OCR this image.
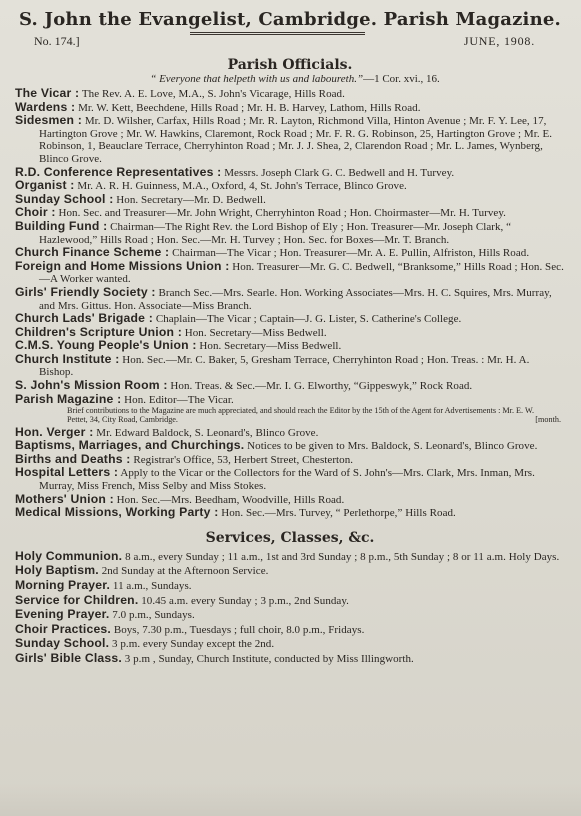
S. John the Evangelist, Cambridge. Parish Magazine.
No. 174.]	JUNE, 1908.
Parish Officials.
“ Everyone that helpeth with us and laboureth.”—1 Cor. xvi., 16.
The Vicar : The Rev. A. E. Love, M.A., S. John's Vicarage, Hills Road.
Wardens : Mr. W. Kett, Beechdene, Hills Road ; Mr. H. B. Harvey, Lathom, Hills Road.
Sidesmen : Mr. D. Wilsher, Carfax, Hills Road ; Mr. R. Layton, Richmond Villa, Hinton Avenue ; Mr. F. Y. Lee, 17, Hartington Grove ; Mr. W. Hawkins, Claremont, Rock Road ; Mr. F. R. G. Robinson, 25, Hartington Grove ; Mr. E. Robinson, 1, Beauclare Terrace, Cherryhinton Road ; Mr. J. J. Shea, 2, Clarendon Road ; Mr. L. James, Wynberg, Blinco Grove.
R.D. Conference Representatives : Messrs. Joseph Clark G. C. Bedwell and H. Turvey.
Organist : Mr. A. R. H. Guinness, M.A., Oxford, 4, St. John's Terrace, Blinco Grove.
Sunday School : Hon. Secretary—Mr. D. Bedwell.
Choir : Hon. Sec. and Treasurer—Mr. John Wright, Cherryhinton Road ; Hon. Choirmaster—Mr. H. Turvey.
Building Fund : Chairman—The Right Rev. the Lord Bishop of Ely ; Hon. Treasurer—Mr. Joseph Clark, “ Hazlewood,” Hills Road ; Hon. Sec.—Mr. H. Turvey ; Hon. Sec. for Boxes—Mr. T. Branch.
Church Finance Scheme : Chairman—The Vicar ; Hon. Treasurer—Mr. A. E. Pullin, Alfriston, Hills Road.
Foreign and Home Missions Union : Hon. Treasurer—Mr. G. C. Bedwell, “Branksome,” Hills Road ; Hon. Sec.—A Worker wanted.
Girls' Friendly Society : Branch Sec.—Mrs. Searle. Hon. Working Associates—Mrs. H. C. Squires, Mrs. Murray, and Mrs. Gittus. Hon. Associate—Miss Branch.
Church Lads' Brigade : Chaplain—The Vicar ; Captain—J. G. Lister, S. Catherine's College.
Children's Scripture Union : Hon. Secretary—Miss Bedwell.
C.M.S. Young People's Union : Hon. Secretary—Miss Bedwell.
Church Institute : Hon. Sec.—Mr. C. Baker, 5, Gresham Terrace, Cherryhinton Road ; Hon. Treas. : Mr. H. A. Bishop.
S. John's Mission Room : Hon. Treas. & Sec.—Mr. I. G. Elworthy, “Gippeswyk,” Rock Road.
Parish Magazine : Hon. Editor—The Vicar.
Brief contributions to the Magazine are much appreciated, and should reach the Editor by the 15th of the Agent for Advertisements : Mr. E. W. Pettet, 34, City Road, Cambridge.	[month.
Hon. Verger : Mr. Edward Baldock, S. Leonard's, Blinco Grove.
Baptisms, Marriages, and Churchings. Notices to be given to Mrs. Baldock, S. Leonard's, Blinco Grove.
Births and Deaths : Registrar's Office, 53, Herbert Street, Chesterton.
Hospital Letters : Apply to the Vicar or the Collectors for the Ward of S. John's—Mrs. Clark, Mrs. Inman, Mrs. Murray, Miss French, Miss Selby and Miss Stokes.
Mothers' Union : Hon. Sec.—Mrs. Beedham, Woodville, Hills Road.
Medical Missions, Working Party : Hon. Sec.—Mrs. Turvey, “ Perlethorpe,” Hills Road.
Services, Classes, &c.
Holy Communion. 8 a.m., every Sunday ; 11 a.m., 1st and 3rd Sunday ; 8 p.m., 5th Sunday ; 8 or 11 a.m. Holy Days.
Holy Baptism. 2nd Sunday at the Afternoon Service.
Morning Prayer. 11 a.m., Sundays.
Service for Children. 10.45 a.m. every Sunday ; 3 p.m., 2nd Sunday.
Evening Prayer. 7.0 p.m., Sundays.
Choir Practices. Boys, 7.30 p.m., Tuesdays ; full choir, 8.0 p.m., Fridays.
Sunday School. 3 p.m. every Sunday except the 2nd.
Girls' Bible Class. 3 p.m , Sunday, Church Institute, conducted by Miss Illingworth.
